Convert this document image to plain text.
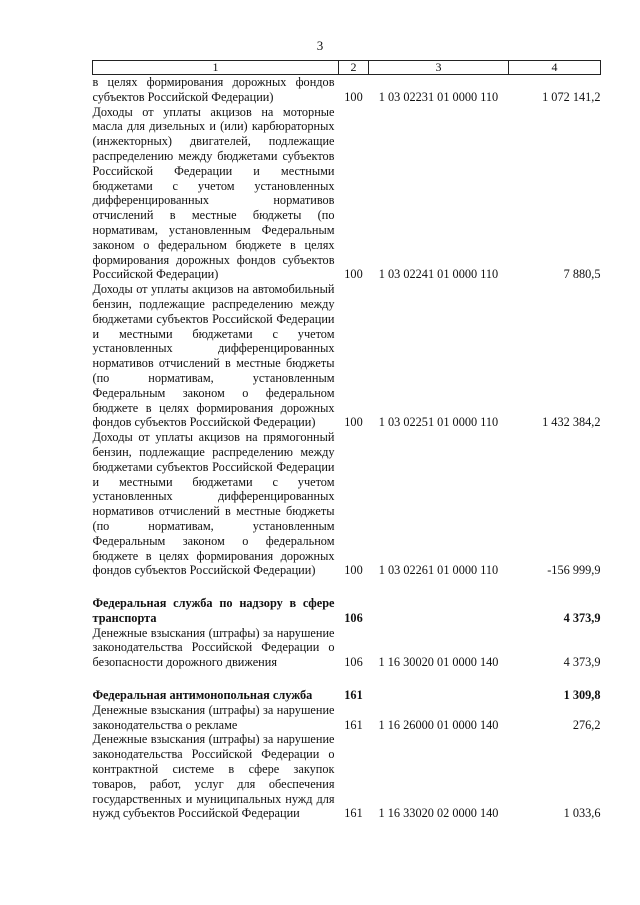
3
1	2	3	4
в целях формирования дорожных фондов субъектов Российской Федерации)	100	1 03 02231 01 0000 110	1 072 141,2
Доходы от уплаты акцизов на моторные масла для дизельных и (или) карбюраторных (инжекторных) двигателей, подлежащие распределению между бюджетами субъектов Российской Федерации и местными бюджетами с учетом установленных дифференцированных нормативов отчислений в местные бюджеты (по нормативам, установленным Федеральным законом о федеральном бюджете в целях формирования дорожных фондов субъектов Российской Федерации)	100	1 03 02241 01 0000 110	7 880,5
Доходы от уплаты акцизов на автомобильный бензин, подлежащие распределению между бюджетами субъектов Российской Федерации и местными бюджетами с учетом установленных дифференцированных нормативов отчислений в местные бюджеты (по нормативам, установленным Федеральным законом о федеральном бюджете в целях формирования дорожных фондов субъектов Российской Федерации)	100	1 03 02251 01 0000 110	1 432 384,2
Доходы от уплаты акцизов на прямогонный бензин, подлежащие распределению между бюджетами субъектов Российской Федерации и местными бюджетами с учетом установленных дифференцированных нормативов отчислений в местные бюджеты (по нормативам, установленным Федеральным законом о федеральном бюджете в целях формирования дорожных фондов субъектов Российской Федерации)	100	1 03 02261 01 0000 110	-156 999,9

Федеральная служба по надзору в сфере транспорта	106		4 373,9
Денежные взыскания (штрафы) за нарушение законодательства Российской Федерации о безопасности дорожного движения	106	1 16 30020 01 0000 140	4 373,9

Федеральная антимонопольная служба	161		1 309,8
Денежные взыскания (штрафы) за нарушение законодательства о рекламе	161	1 16 26000 01 0000 140	276,2
Денежные взыскания (штрафы) за нарушение законодательства Российской Федерации о контрактной системе в сфере закупок товаров, работ, услуг для обеспечения государственных и муниципальных нужд для нужд субъектов Российской Федерации	161	1 16 33020 02 0000 140	1 033,6
